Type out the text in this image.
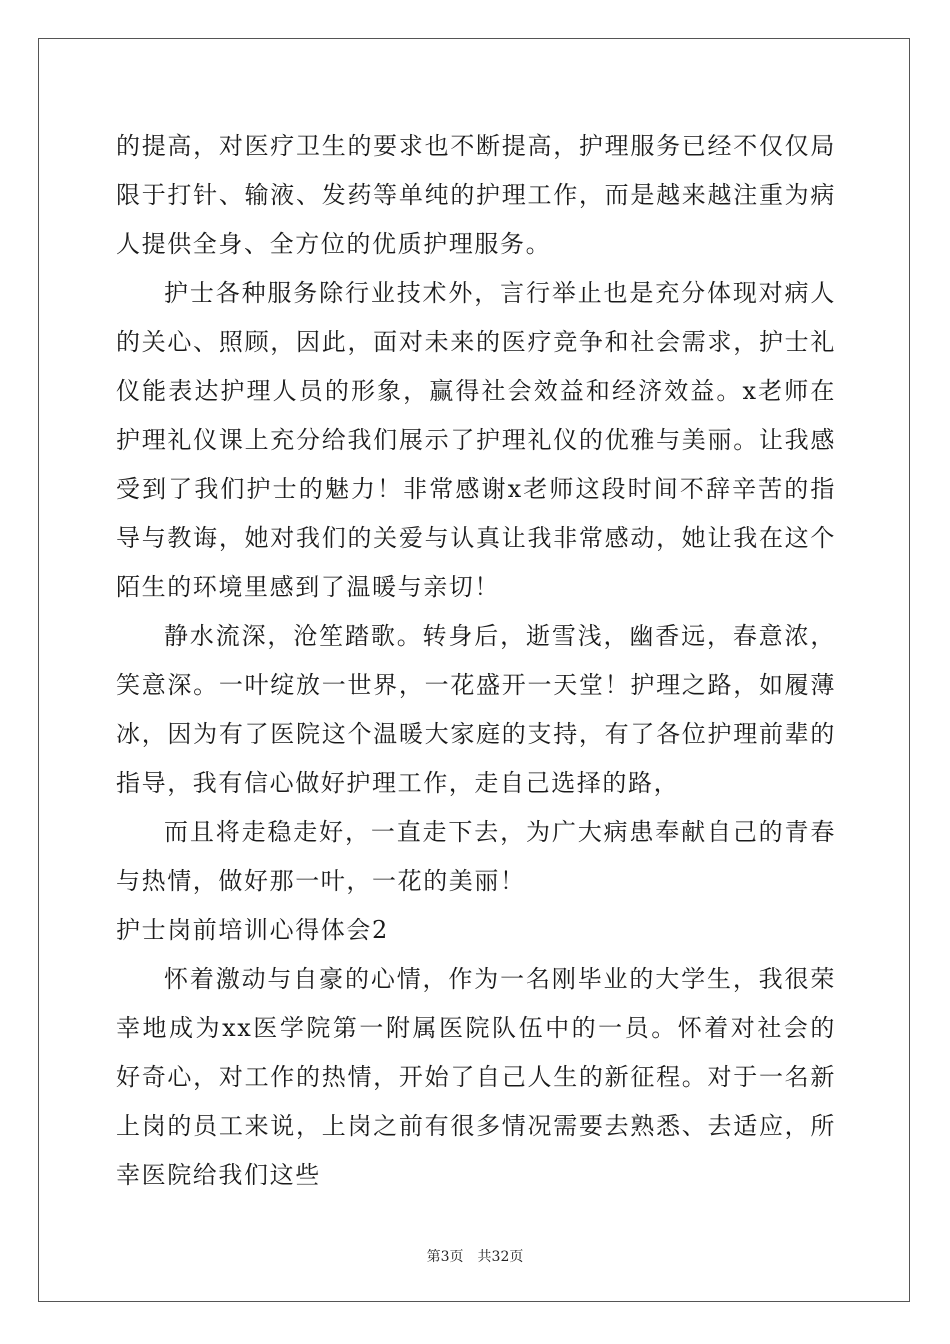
的提高，对医疗卫生的要求也不断提高，护理服务已经不仅仅局限于打针、输液、发药等单纯的护理工作，而是越来越注重为病人提供全身、全方位的优质护理服务。

护士各种服务除行业技术外，言行举止也是充分体现对病人的关心、照顾，因此，面对未来的医疗竞争和社会需求，护士礼仪能表达护理人员的形象，赢得社会效益和经济效益。x老师在护理礼仪课上充分给我们展示了护理礼仪的优雅与美丽。让我感受到了我们护士的魅力！非常感谢x老师这段时间不辞辛苦的指导与教诲，她对我们的关爱与认真让我非常感动，她让我在这个陌生的环境里感到了温暖与亲切！

静水流深，沧笙踏歌。转身后，逝雪浅，幽香远，春意浓，笑意深。一叶绽放一世界，一花盛开一天堂！护理之路，如履薄冰，因为有了医院这个温暖大家庭的支持，有了各位护理前辈的指导，我有信心做好护理工作，走自己选择的路，

而且将走稳走好，一直走下去，为广大病患奉献自己的青春与热情，做好那一叶，一花的美丽！

护士岗前培训心得体会2

怀着激动与自豪的心情，作为一名刚毕业的大学生，我很荣幸地成为xx医学院第一附属医院队伍中的一员。怀着对社会的好奇心，对工作的热情，开始了自己人生的新征程。对于一名新上岗的员工来说，上岗之前有很多情况需要去熟悉、去适应，所幸医院给我们这些

第3页 共32页
